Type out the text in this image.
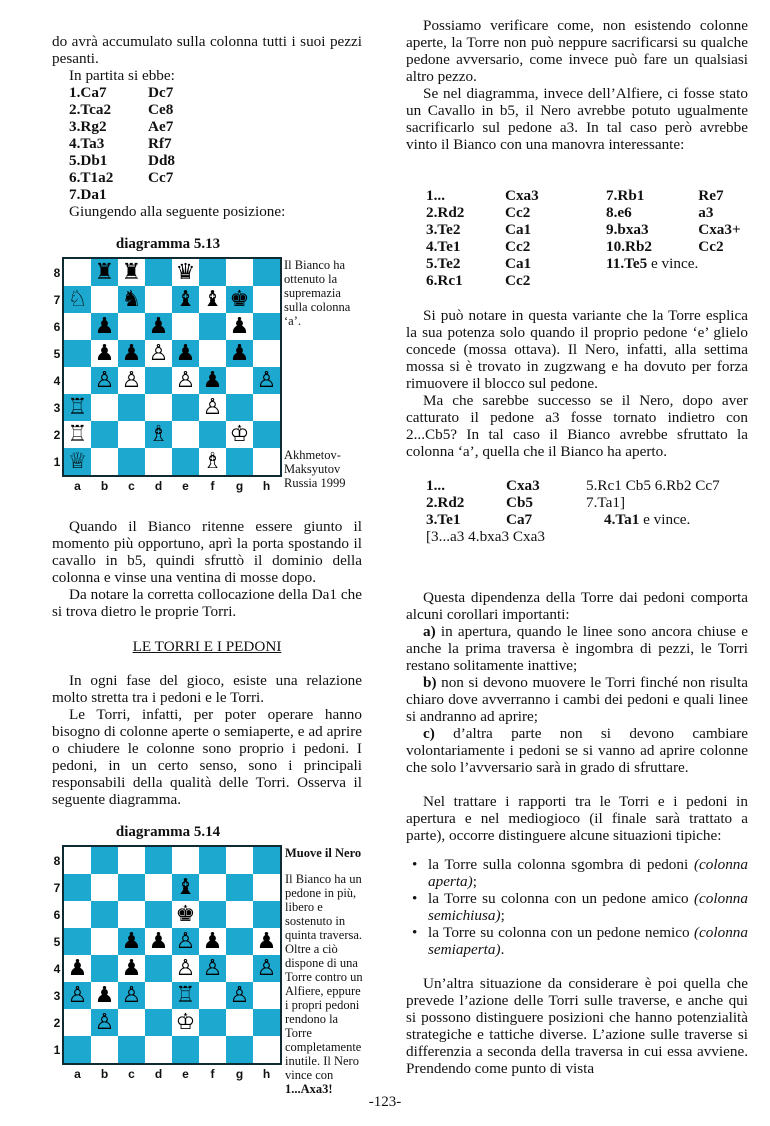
do avrà accumulato sulla colonna tutti i suoi pezzi pesanti.

In partita si ebbe:

1.Ca7	Dc7
2.Tca2	Ce8
3.Rg2	Ae7
4.Ta3	Rf7
5.Db1	Dd8
6.T1a2	Cc7
7.Da1	

Giungendo alla seguente posizione:

diagramma 5.13
♜ ♜ ♛
♘ ♞ ♝ ♝ ♚
♟ ♟	♟
♟ ♟ ♙ ♟ ♟
♙ ♙ ♙ ♟ ♙
♖	♙
♖	♗	♔
♕	♗
8
7
6
5
4
3
2
1
a	b	c	d	e	f	g	h
Il Bianco ha ottenuto la supremazia sulla colonna ‘a’.
Akhmetov-Maksyutov Russia 1999

Quando il Bianco ritenne essere giunto il momento più opportuno, aprì la porta spostando il cavallo in b5, quindi sfruttò il dominio della colonna e vinse una ventina di mosse dopo.

Da notare la corretta collocazione della Da1 che si trova dietro le proprie Torri.

LE TORRI E I PEDONI

In ogni fase del gioco, esiste una relazione molto stretta tra i pedoni e le Torri.

Le Torri, infatti, per poter operare hanno bisogno di colonne aperte o semiaperte, e ad aprire o chiudere le colonne sono proprio i pedoni. I pedoni, in un certo senso, sono i principali responsabili della qualità delle Torri. Osserva il seguente diagramma.

diagramma 5.14
♝
♚
♟ ♟ ♙ ♟ ♟
♟ ♟ ♙ ♙ ♙
♙ ♟ ♙ ♖ ♙
♙	♔
8
7
6
5
4
3
2
1
a	b	c	d	e	f	g	h
Muove il Nero
Il Bianco ha un pedone in più, libero e sostenuto in quinta traversa. Oltre a ciò dispone di una Torre contro un Alfiere, eppure i propri pedoni rendono la Torre completamente inutile. Il Nero vince con 1...Axa3!

Possiamo verificare come, non esistendo colonne aperte, la Torre non può neppure sacrificarsi su qualche pedone avversario, come invece può fare un qualsiasi altro pezzo.

Se nel diagramma, invece dell’Alfiere, ci fosse stato un Cavallo in b5, il Nero avrebbe potuto ugualmente sacrificarlo sul pedone a3. In tal caso però avrebbe vinto il Bianco con una manovra interessante:

1...	Cxa3	7.Rb1	Re7
2.Rd2	Cc2	8.e6	a3
3.Te2	Ca1	9.bxa3	Cxa3+
4.Te1	Cc2	10.Rb2	Cc2
5.Te2	Ca1	11.Te5 e vince.	
6.Rc1	Cc2		

Si può notare in questa variante che la Torre esplica la sua potenza solo quando il proprio pedone ‘e’ glielo concede (mossa ottava). Il Nero, infatti, alla settima mossa si è trovato in zugzwang e ha dovuto per forza rimuovere il blocco sul pedone.

Ma che sarebbe successo se il Nero, dopo aver catturato il pedone a3 fosse tornato indietro con 2...Cb5? In tal caso il Bianco avrebbe sfruttato la colonna ‘a’, quella che il Bianco ha aperto.

1...	Cxa3	5.Rc1 Cb5 6.Rb2 Cc7
2.Rd2	Cb5	7.Ta1]
3.Te1	Ca7	4.Ta1 e vince.
[3...a3 4.bxa3 Cxa3		

Questa dipendenza della Torre dai pedoni comporta alcuni corollari importanti:

a) in apertura, quando le linee sono ancora chiuse e anche la prima traversa è ingombra di pezzi, le Torri restano solitamente inattive;

b) non si devono muovere le Torri finché non risulta chiaro dove avverranno i cambi dei pedoni e quali linee si andranno ad aprire;

c) d’altra parte non si devono cambiare volontariamente i pedoni se si vanno ad aprire colonne che solo l’avversario sarà in grado di sfruttare.

Nel trattare i rapporti tra le Torri e i pedoni in apertura e nel mediogioco (il finale sarà trattato a parte), occorre distinguere alcune situazioni tipiche:

• la Torre sulla colonna sgombra di pedoni (colonna aperta);
• la Torre su colonna con un pedone amico (colonna semichiusa);
• la Torre su colonna con un pedone nemico (colonna semiaperta).

Un’altra situazione da considerare è poi quella che prevede l’azione delle Torri sulle traverse, e anche qui si possono distinguere posizioni che hanno potenzialità strategiche e tattiche diverse. L’azione sulle traverse si differenzia a seconda della traversa in cui essa avviene. Prendendo come punto di vista

-123-
